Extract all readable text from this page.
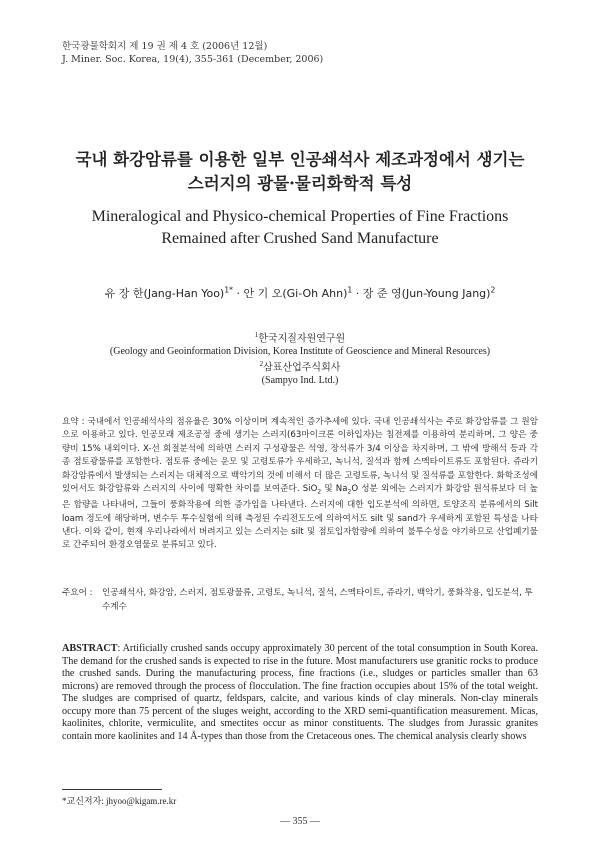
한국광물학회지 제 19 권 제 4 호 (2006년 12월)
J. Miner. Soc. Korea, 19(4), 355-361 (December, 2006)
국내 화강암류를 이용한 일부 인공쇄석사 제조과정에서 생기는
스러지의 광물·물리화학적 특성
Mineralogical and Physico-chemical Properties of Fine Fractions
Remained after Crushed Sand Manufacture
유 장 한(Jang-Han Yoo)$^{1*}$ · 안 기 오(Gi-Oh Ahn)$^1$ · 장 준 영(Jun-Young Jang)$^2$
$^1$한국지질자원연구원
(Geology and Geoinformation Division, Korea Institute of Geoscience and Mineral Resources)
$^2$삼표산업주식회사
(Sampyo Ind. Ltd.)
요약 : 국내에서 인공쇄석사의 점유율은 30% 이상이며 계속적인 증가추세에 있다. 국내 인공쇄석사는 주로 화강암류를 그 원암으로 이용하고 있다. 인공모래 제조공정 중에 생기는 스러지(63마이크론 이하입자)는 침전제를 이용하여 분리하며, 그 양은 중량비 15% 내외이다. X-선 회절분석에 의하면 스러지 구성광물은 석영, 장석류가 3/4 이상을 차지하며, 그 밖에 방해석 등과 각종 점토광물류를 포함한다. 점토류 중에는 운모 및 고령토류가 우세하고, 녹니석, 질석과 함께 스멕타이트류도 포함된다. 쥬라기 화강암류에서 발생되는 스러지는 대체적으로 백악기의 것에 비해서 더 많은 고령토류, 녹니석 및 질석류를 포함한다. 화학조성에 있어서도 화강암류와 스러지의 사이에 명확한 차이를 보여준다. SiO$_2$ 및 $Na_2O$ 성분 외에는 스러지가 화강암 원석류보다 더 높은 함량을 나타내어, 그들이 풍화작용에 의한 증가임을 나타낸다. 스러지에 대한 입도분석에 의하면, 토양조직 분류에서의 Silt loam 정도에 해당하며, 변수두 투수실험에 의해 측정된 수리전도도에 의하여서도 silt 및 sand가 우세하게 포함된 특성을 나타낸다. 이와 같이, 현재 우리나라에서 버려지고 있는 스러지는 silt 및 점토입자함량에 의하여 불투수성을 야기하므로 산업폐기물로 간주되어 환경오염물로 분류되고 있다.
주요어 : 인공쇄석사, 화강암, 스러지, 점토광물류, 고령토, 녹니석, 질석, 스멕타이트, 쥬라기, 백악기, 풍화작용, 입도분석, 투수계수
ABSTRACT: Artificially crushed sands occupy approximately 30 percent of the total consumption in South Korea. The demand for the crushed sands is expected to rise in the future. Most manufacturers use granitic rocks to produce the crushed sands. During the manufacturing process, fine fractions (i.e., sludges or particles smaller than 63 microns) are removed through the process of flocculation. The fine fraction occupies about 15% of the total weight. The sludges are comprised of quartz, feldspars, calcite, and various kinds of clay minerals. Non-clay minerals occupy more than 75 percent of the sluges weight, according to the XRD semi-quantification measurement. Micas, kaolinites, chlorite, vermiculite, and smectites occur as minor constituents. The sludges from Jurassic granites contain more kaolinites and 14 Å-types than those from the Cretaceous ones. The chemical analysis clearly shows
*교신저자: jhyoo@kigam.re.kr
— 355 —
